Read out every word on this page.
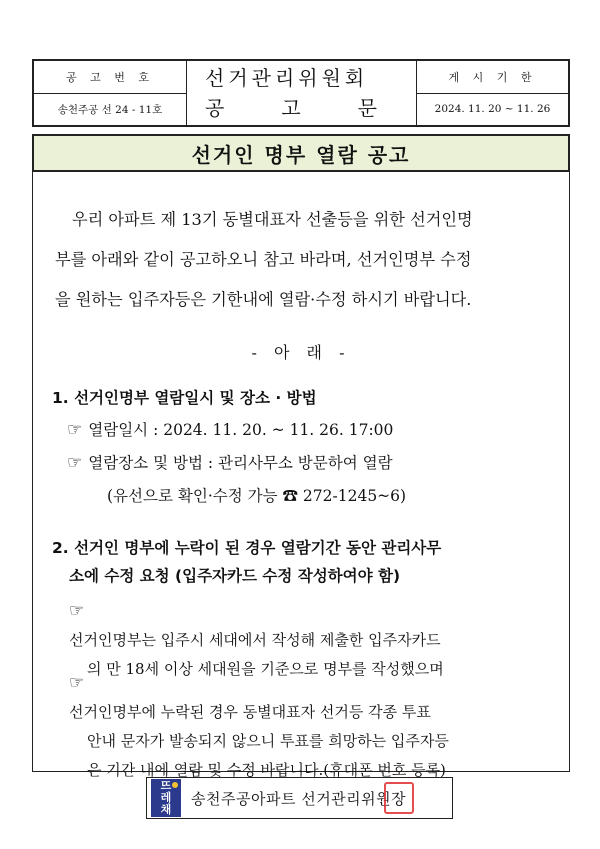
공 고 번 호
송천주공 선 24 - 11호
선거관리위원회
공	고	문
게 시 기 한
2024. 11. 20 ~ 11. 26
선거인 명부 열람 공고
우리 아파트 제 13기 동별대표자 선출등을 위한 선거인명
부를 아래와 같이 공고하오니 참고 바라며, 선거인명부 수정
을 원하는 입주자등은 기한내에 열람·수정 하시기 바랍니다.
- 아 래 -
1. 선거인명부 열람일시 및 장소 · 방법
☞ 열람일시 : 2024. 11. 20. ~ 11. 26. 17:00
☞ 열람장소 및 방법 : 관리사무소 방문하여 열람
(유선으로 확인·수정 가능 ☎ 272-1245~6)
2. 선거인 명부에 누락이 된 경우 열람기간 동안 관리사무
소에 수정 요청 (입주자카드 수정 작성하여야 함)
☞
선거인명부는 입주시 세대에서 작성해 제출한 입주자카드
의 만 18세 이상 세대원을 기준으로 명부를 작성했으며
☞
선거인명부에 누락된 경우 동별대표자 선거등 각종 투표
안내 문자가 발송되지 않으니 투표를 희망하는 입주자등
은 기간 내에 열람 및 수정 바랍니다.(휴대폰 번호 등록)
뜨
레
채
송천주공아파트 선거관리위원장
